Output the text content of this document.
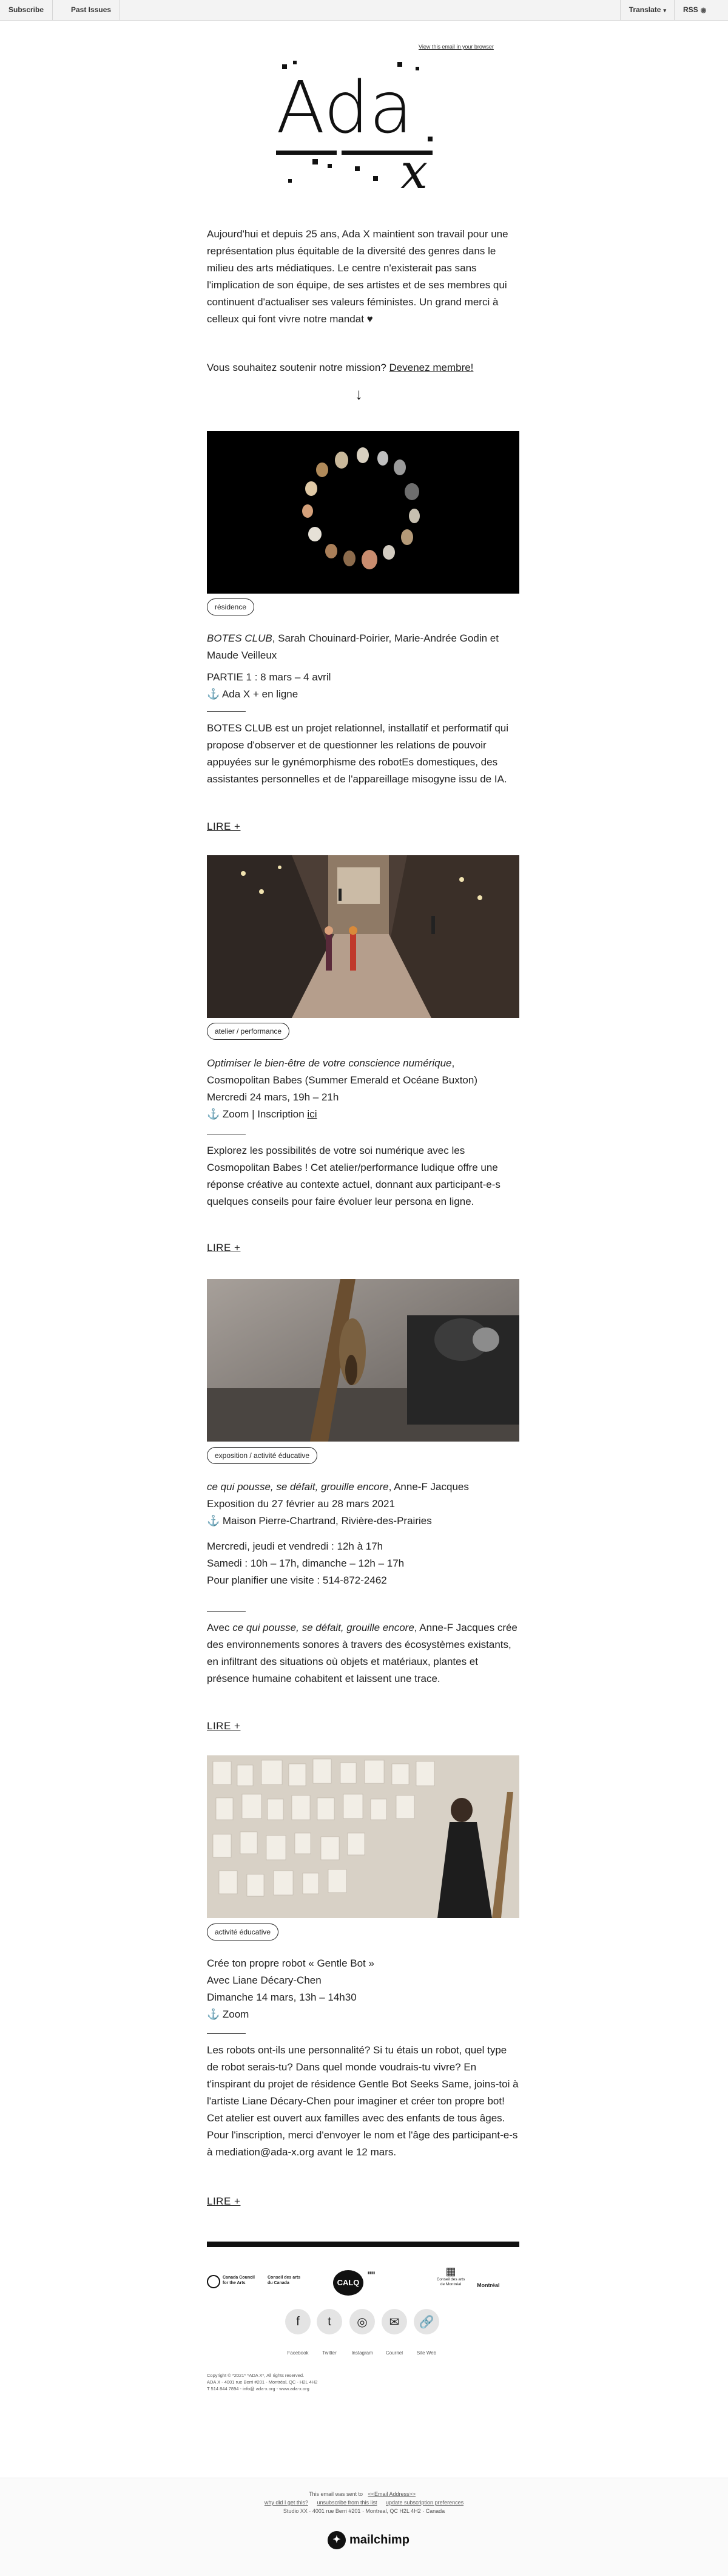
Subscribe	Past Issues	Translate ▾	RSS ◉
View this email in your browser
Ada
x

Aujourd'hui et depuis 25 ans, Ada X maintient son travail pour une représentation plus équitable de la diversité des genres dans le milieu des arts médiatiques. Le centre n'existerait pas sans l'implication de son équipe, de ses artistes et de ses membres qui continuent d'actualiser ses valeurs féministes. Un grand merci à celleux qui font vivre notre mandat ♥

Vous souhaitez soutenir notre mission? Devenez membre!

↓
résidence

BOTES CLUB, Sarah Chouinard-Poirier, Marie-Andrée Godin et Maude Veilleux

PARTIE 1 : 8 mars – 4 avril

⚓ Ada X + en ligne

BOTES CLUB est un projet relationnel, installatif et performatif qui propose d'observer et de questionner les relations de pouvoir appuyées sur le gynémorphisme des robotEs domestiques, des assistantes personnelles et de l'appareillage misogyne issu de IA.

LIRE +
atelier / performance

Optimiser le bien-être de votre conscience numérique,

Cosmopolitan Babes (Summer Emerald et Océane Buxton)

Mercredi 24 mars, 19h – 21h

⚓ Zoom | Inscription ici

Explorez les possibilités de votre soi numérique avec les Cosmopolitan Babes ! Cet atelier/performance ludique offre une réponse créative au contexte actuel, donnant aux participant-e-s quelques conseils pour faire évoluer leur persona en ligne.

LIRE +
exposition / activité éducative

ce qui pousse, se défait, grouille encore, Anne-F Jacques

Exposition du 27 février au 28 mars 2021

⚓ Maison Pierre-Chartrand, Rivière-des-Prairies

Mercredi, jeudi et vendredi : 12h à 17h

Samedi : 10h – 17h, dimanche – 12h – 17h

Pour planifier une visite : 514-872-2462

Avec ce qui pousse, se défait, grouille encore, Anne-F Jacques crée des environnements sonores à travers des écosystèmes existants, en infiltrant des situations où objets et matériaux, plantes et présence humaine cohabitent et laissent une trace.

LIRE +
activité éducative

Crée ton propre robot « Gentle Bot »

Avec Liane Décary-Chen

Dimanche 14 mars, 13h – 14h30

⚓ Zoom

Les robots ont-ils une personnalité? Si tu étais un robot, quel type de robot serais-tu? Dans quel monde voudrais-tu vivre? En t'inspirant du projet de résidence Gentle Bot Seeks Same, joins-toi à l'artiste Liane Décary-Chen pour imaginer et créer ton propre bot! Cet atelier est ouvert aux familles avec des enfants de tous âges. Pour l'inscription, merci d'envoyer le nom et l'âge des participant-e-s à mediation@ada-x.org avant le 12 mars.

LIRE +
Canada Council for the Arts
Conseil des arts du Canada	CALQ
▮▮▮▮	▦
Conseil des arts de Montréal	Montréal
f	t	◎	✉	🔗
Facebook	Twitter	Instagram	Courriel	Site Web
Copyright © *2021* *ADA X*, All rights reserved.
ADA X - 4001 rue Berri #201 - Montréal, QC - H2L 4H2
T 514 844 7894 - info@ ada-x.org - www.ada-x.org
This email was sent to <<Email Address>>
why did I get this? unsubscribe from this list update subscription preferences
Studio XX · 4001 rue Berri #201 · Montreal, QC H2L 4H2 · Canada
✦ mailchimp
